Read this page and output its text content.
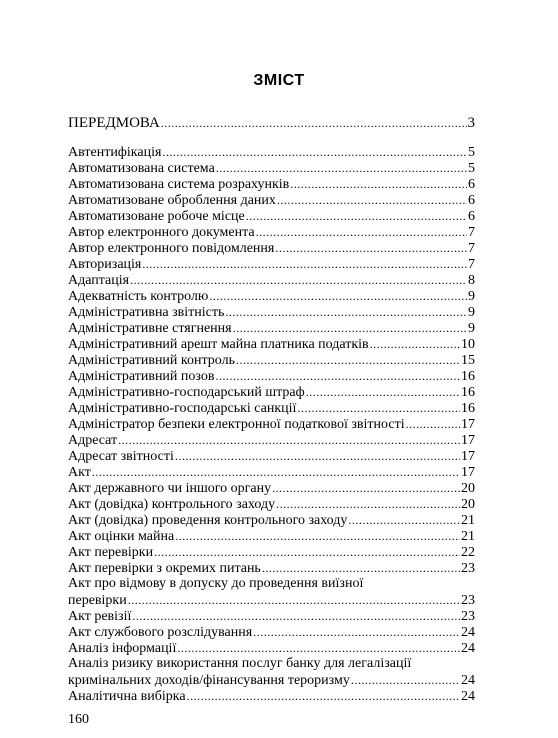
ЗМІСТ
ПЕРЕДМОВА .....	3
Автентифікація .....	5
Автоматизована система .....	5
Автоматизована система розрахунків .....	6
Автоматизоване оброблення даних .....	6
Автоматизоване робоче місце .....	6
Автор електронного документа .....	7
Автор електронного повідомлення .....	7
Авторизація .....	7
Адаптація .....	8
Адекватність контролю .....	9
Адміністративна звітність .....	9
Адміністративне стягнення .....	9
Адміністративний арешт майна платника податків .....	10
Адміністративний контроль .....	15
Адміністративний позов .....	16
Адміністративно-господарський штраф .....	16
Адміністративно-господарські санкції .....	16
Адміністратор безпеки електронної податкової звітності .....	17
Адресат .....	17
Адресат звітності .....	17
Акт .....	17
Акт державного чи іншого органу .....	20
Акт (довідка) контрольного заходу .....	20
Акт (довідка) проведення контрольного заходу .....	21
Акт оцінки майна .....	21
Акт перевірки .....	22
Акт перевірки з окремих питань .....	23
Акт про відмову в допуску до проведення виїзної
перевірки .....	23
Акт ревізії .....	23
Акт службового розслідування .....	24
Аналіз інформації .....	24
Аналіз ризику використання послуг банку для легалізації
кримінальних доходів/фінансування тероризму .....	24
Аналітична вибірка .....	24
160
